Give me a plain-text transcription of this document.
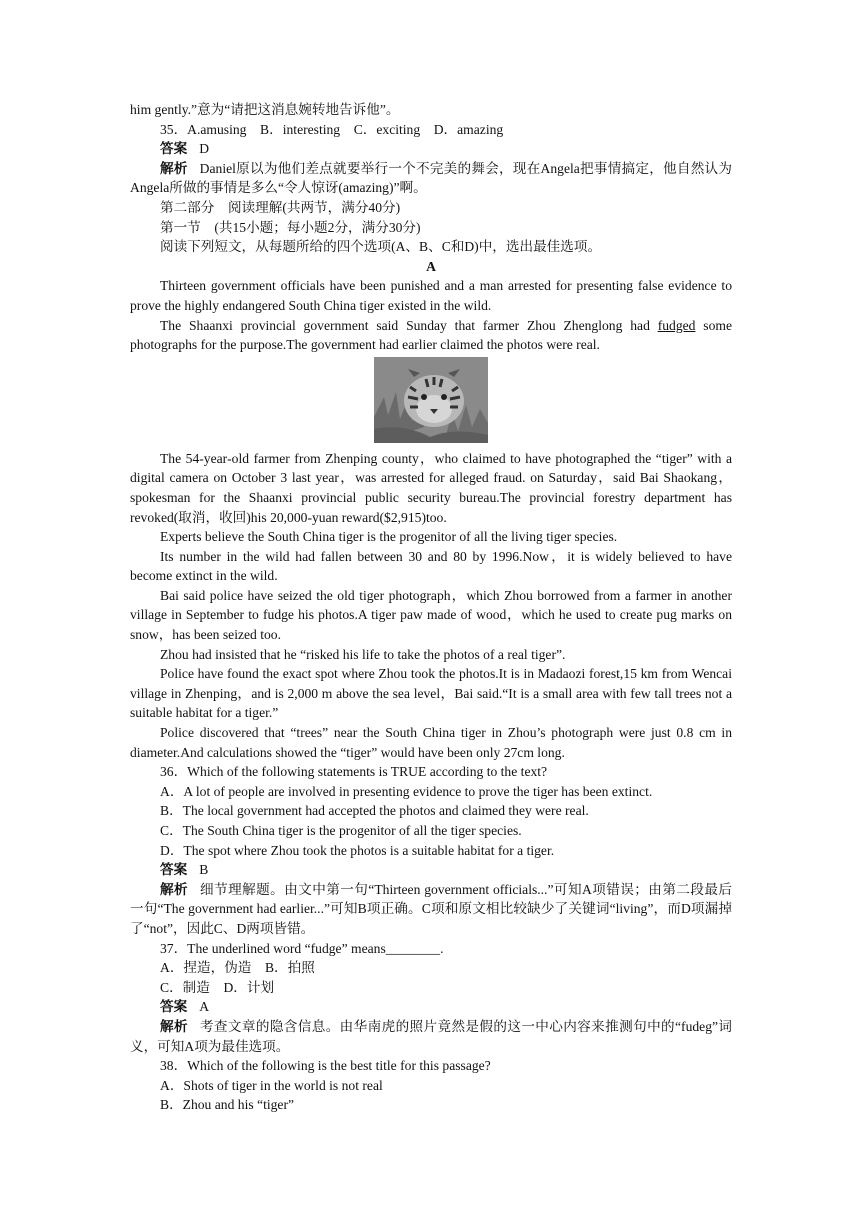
him gently.”意为“请把这消息婉转地告诉他”。

35．A.amusing　B．interesting　C．exciting　D．amazing

答案 D

解析 Daniel原以为他们差点就要举行一个不完美的舞会，现在Angela把事情搞定，他自然认为Angela所做的事情是多么“令人惊讶(amazing)”啊。

第二部分　阅读理解(共两节，满分40分)

第一节　(共15小题；每小题2分，满分30分)

阅读下列短文，从每题所给的四个选项(A、B、C和D)中，选出最佳选项。

A

Thirteen government officials have been punished and a man arrested for presenting false evidence to prove the highly endangered South China tiger existed in the wild.

The Shaanxi provincial government said Sunday that farmer Zhou Zhenglong had fudged some photographs for the purpose.The government had earlier claimed the photos were real.

The 54‑year‑old farmer from Zhenping county，who claimed to have photographed the “tiger” with a digital camera on October 3 last year，was arrested for alleged fraud. on Saturday，said Bai Shaokang，spokesman for the Shaanxi provincial public security bureau.The provincial forestry department has revoked(取消，收回)his 20,000‑yuan reward($2,915)too.

Experts believe the South China tiger is the progenitor of all the living tiger species.

Its number in the wild had fallen between 30 and 80 by 1996.Now，it is widely believed to have become extinct in the wild.

Bai said police have seized the old tiger photograph，which Zhou borrowed from a farmer in another village in September to fudge his photos.A tiger paw made of wood，which he used to create pug marks on snow，has been seized too.

Zhou had insisted that he “risked his life to take the photos of a real tiger”.

Police have found the exact spot where Zhou took the photos.It is in Madaozi forest,15 km from Wencai village in Zhenping，and is 2,000 m above the sea level，Bai said.“It is a small area with few tall trees not a suitable habitat for a tiger.”

Police discovered that “trees” near the South China tiger in Zhou’s photograph were just 0.8 cm in diameter.And calculations showed the “tiger” would have been only 27cm long.

36．Which of the following statements is TRUE according to the text?

A．A lot of people are involved in presenting evidence to prove the tiger has been extinct.

B．The local government had accepted the photos and claimed they were real.

C．The South China tiger is the progenitor of all the tiger species.

D．The spot where Zhou took the photos is a suitable habitat for a tiger.

答案 B

解析 细节理解题。由文中第一句“Thirteen government officials...”可知A项错误；由第二段最后一句“The government had earlier...”可知B项正确。C项和原文相比较缺少了关键词“living”，而D项漏掉了“not”，因此C、D两项皆错。

37．The underlined word “fudge” means________.

A．捏造，伪造　B．拍照

C．制造　D．计划

答案 A

解析 考查文章的隐含信息。由华南虎的照片竟然是假的这一中心内容来推测句中的“fudeg”词义，可知A项为最佳选项。

38．Which of the following is the best title for this passage?

A．Shots of tiger in the world is not real

B．Zhou and his “tiger”
